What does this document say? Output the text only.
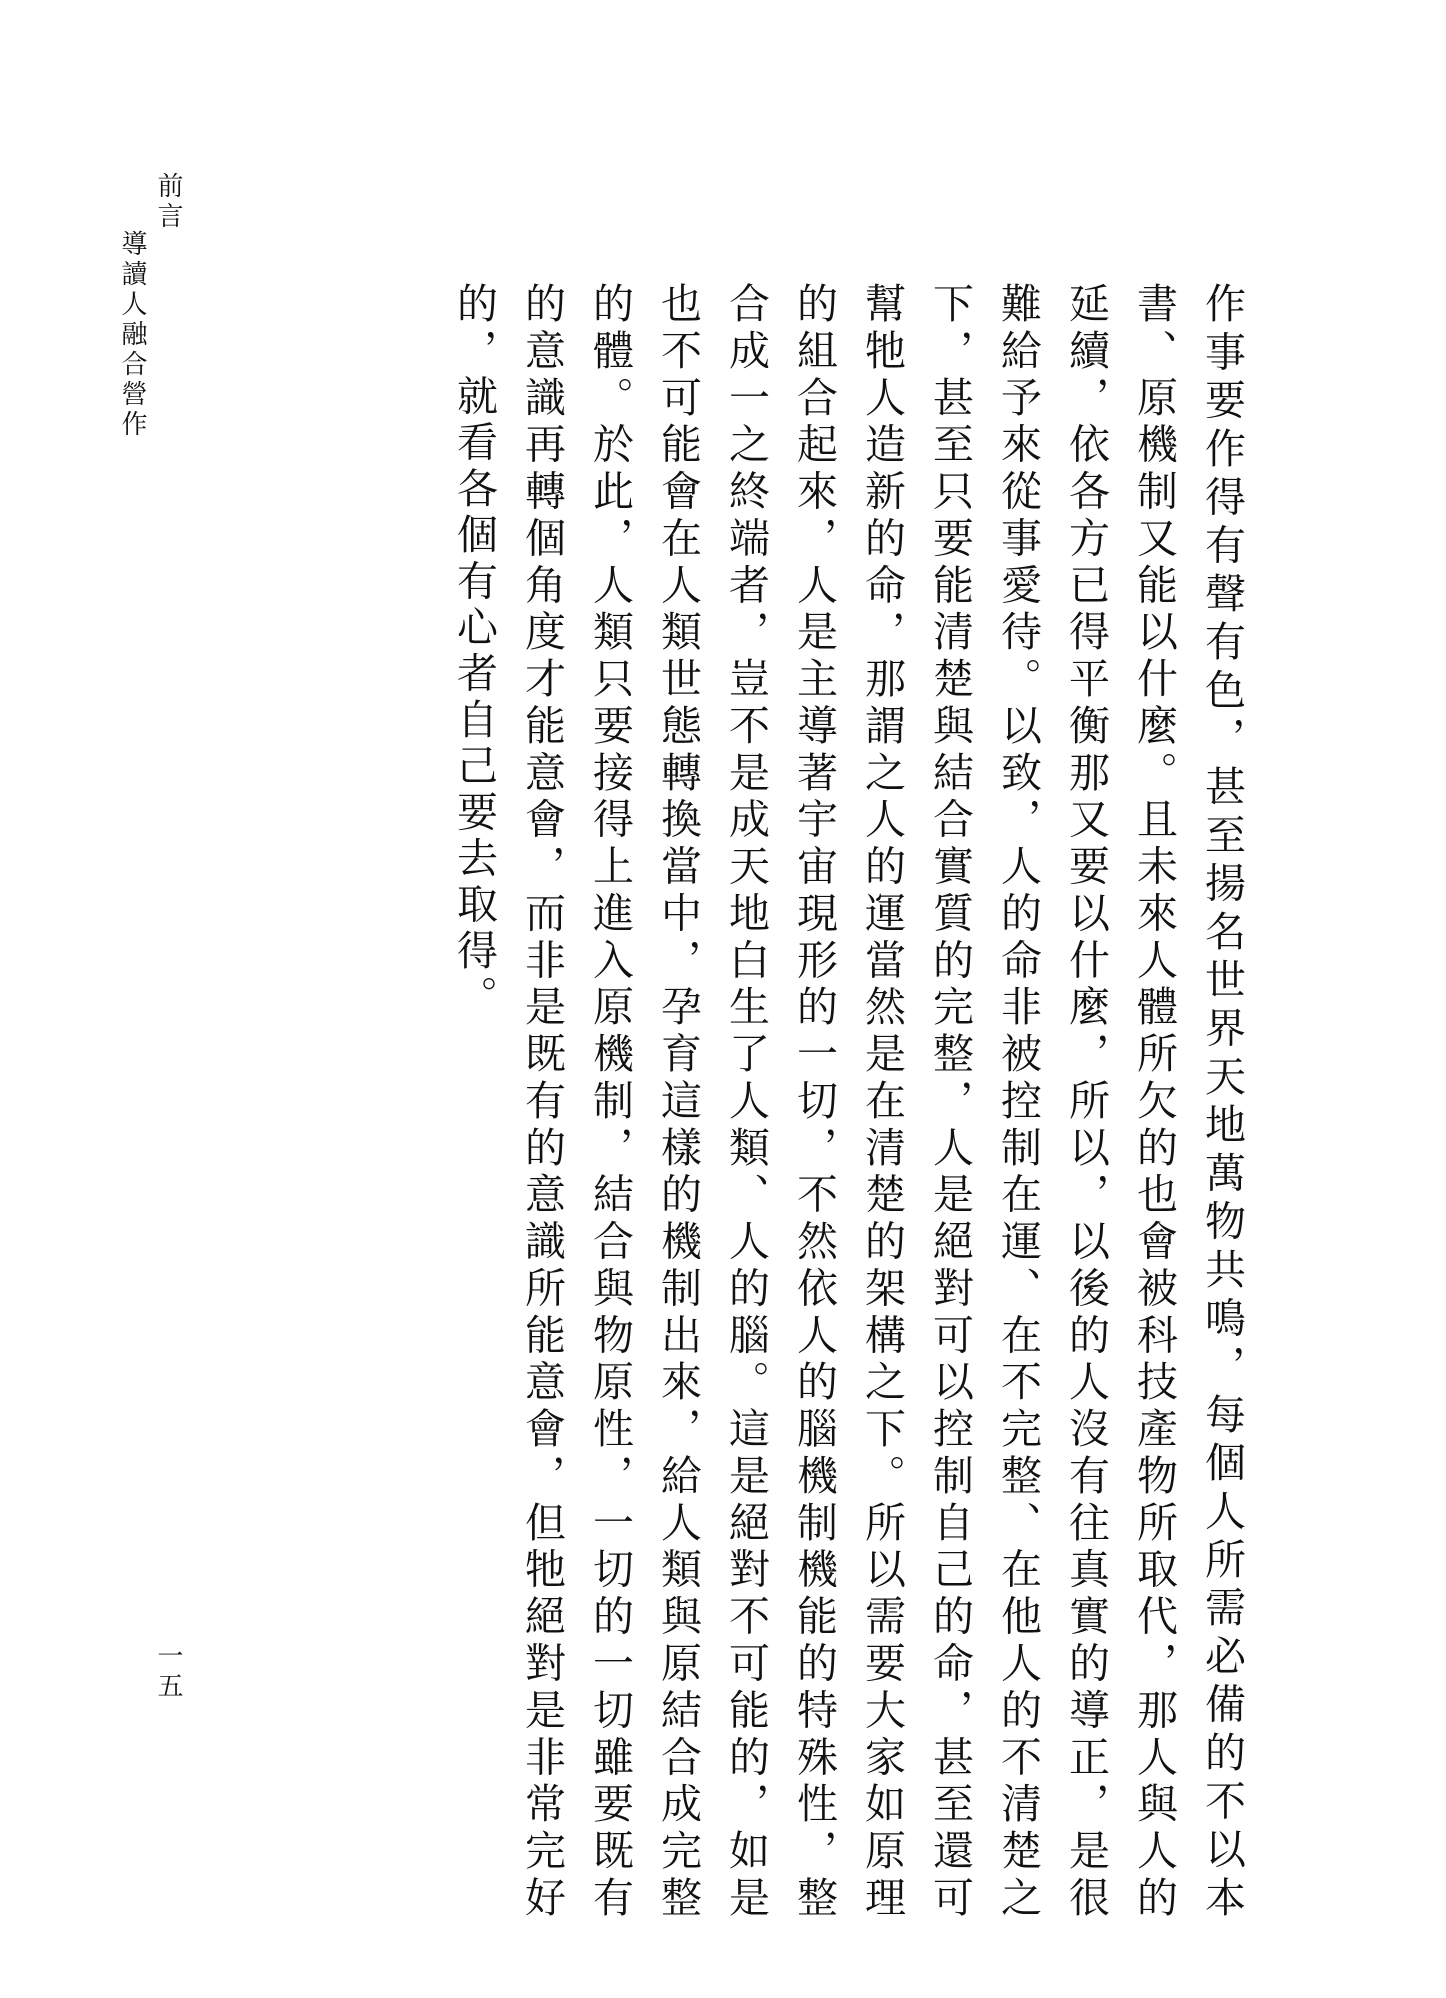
前言
導讀人融合營作
一五	作事要作得有聲有色，甚至揚名世界天地萬物共鳴，每個人所需必備的不以本書、原機制又能以什麼。且未來人體所欠的也會被科技產物所取代，那人與人的延續，依各方已得平衡那又要以什麼，所以，以後的人沒有往真實的導正，是很難給予來從事愛待。以致，人的命非被控制在運、在不完整、在他人的不清楚之下，甚至只要能清楚與結合實質的完整，人是絕對可以控制自己的命，甚至還可幫牠人造新的命，那謂之人的運當然是在清楚的架構之下。所以需要大家如原理的組合起來，人是主導著宇宙現形的一切，不然依人的腦機制機能的特殊性，整合成一之終端者，豈不是成天地白生了人類、人的腦。這是絕對不可能的，如是也不可能會在人類世態轉換當中，孕育這樣的機制出來，給人類與原結合成完整的體。於此，人類只要接得上進入原機制，結合與物原性，一切的一切雖要既有的意識再轉個角度才能意會，而非是既有的意識所能意會，但牠絕對是非常完好的，就看各個有心者自己要去取得。
